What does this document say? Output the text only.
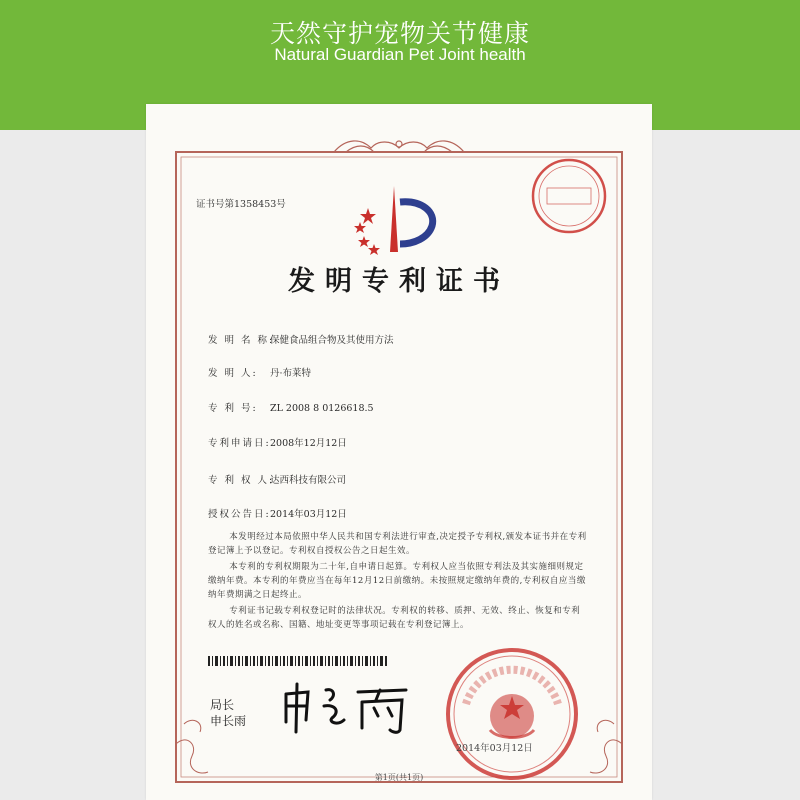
天然守护宠物关节健康
Natural Guardian Pet Joint health
证书号第1358453号
发明专利证书
发 明 名 称:保健食品组合物及其使用方法
发 明 人: 丹·布莱特
专 利 号: ZL 2008 8 0126618.5
专利申请日:2008年12月12日
专 利 权 人:达西科技有限公司
授权公告日:2014年03月12日
本发明经过本局依照中华人民共和国专利法进行审查,决定授予专利权,颁发本证书并在专利登记簿上予以登记。专利权自授权公告之日起生效。
本专利的专利权期限为二十年,自申请日起算。专利权人应当依照专利法及其实施细则规定缴纳年费。本专利的年费应当在每年12月12日前缴纳。未按照规定缴纳年费的,专利权自应当缴纳年费期满之日起终止。
专利证书记载专利权登记时的法律状况。专利权的转移、质押、无效、终止、恢复和专利权人的姓名或名称、国籍、地址变更等事项记载在专利登记簿上。
局长
申长雨
2014年03月12日
第1页(共1页)
